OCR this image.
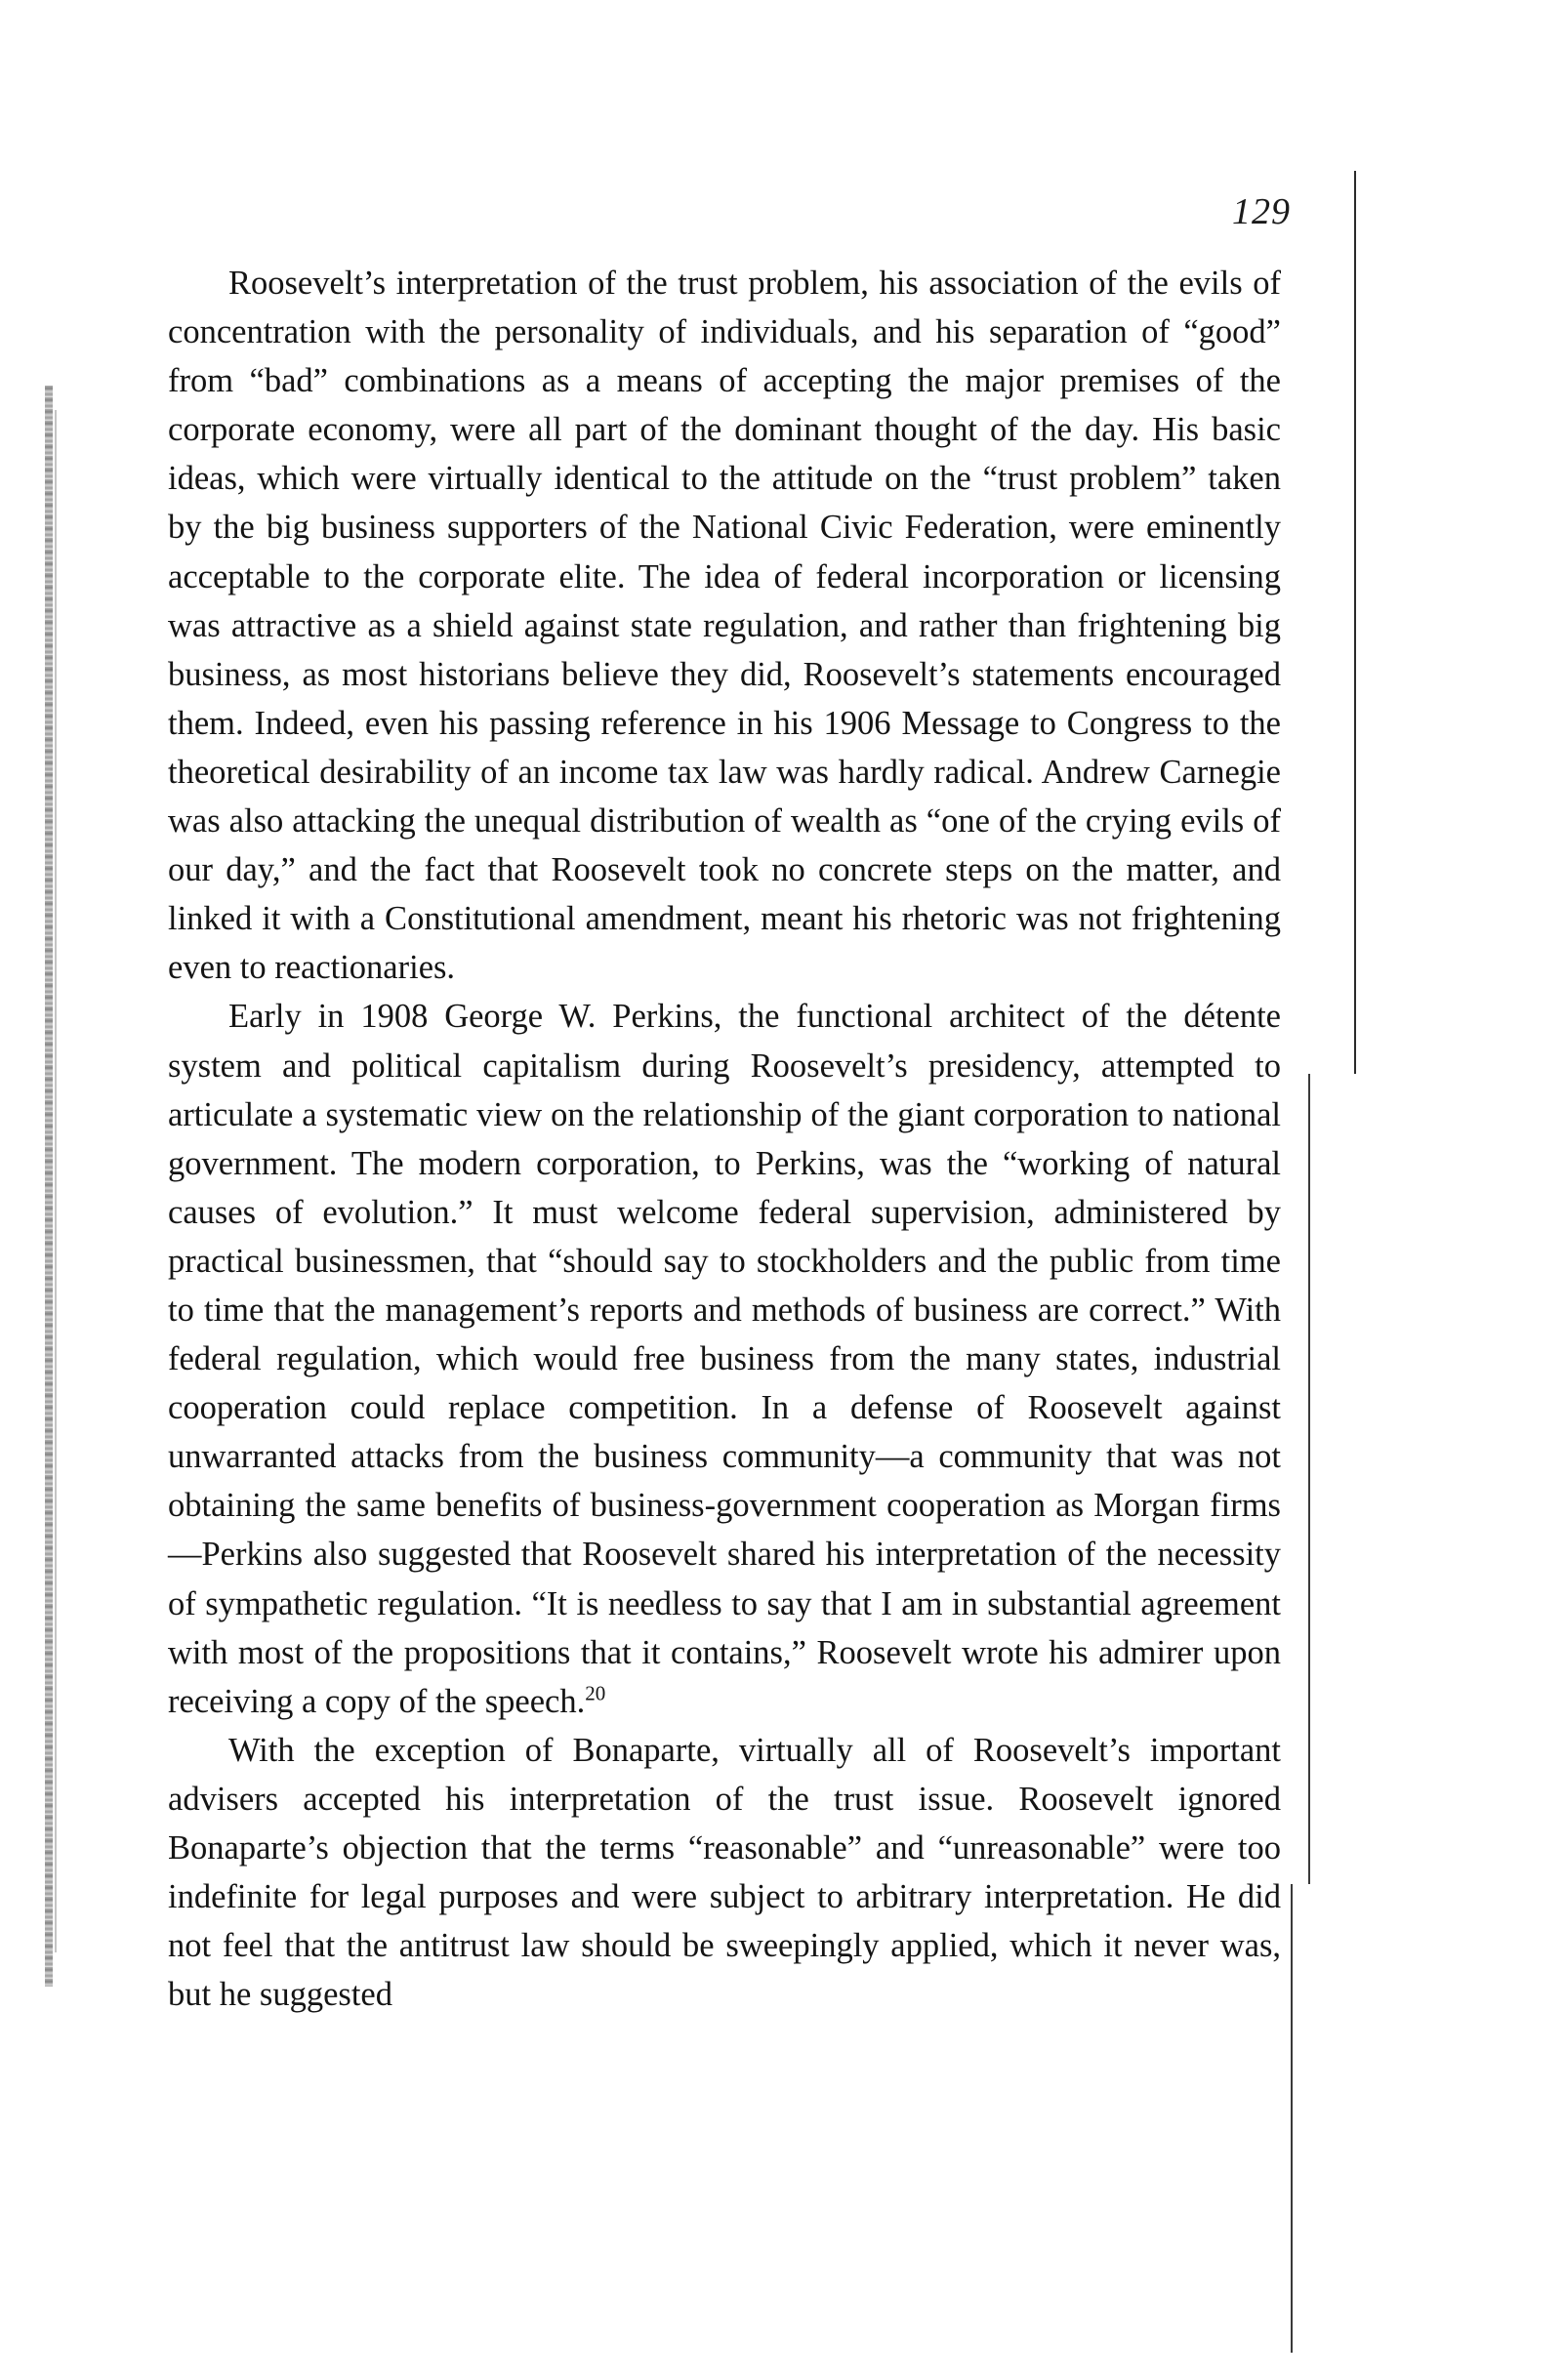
129

Roosevelt’s interpretation of the trust problem, his association of the evils of concentration with the personality of individuals, and his separation of “good” from “bad” combinations as a means of accepting the major premises of the corporate economy, were all part of the dominant thought of the day. His basic ideas, which were virtually identical to the attitude on the “trust problem” taken by the big business supporters of the National Civic Federation, were eminently acceptable to the corporate elite. The idea of federal incorporation or licensing was attractive as a shield against state regulation, and rather than frightening big business, as most historians believe they did, Roosevelt’s statements encouraged them. Indeed, even his passing reference in his 1906 Message to Congress to the theoretical desirability of an income tax law was hardly radical. Andrew Carnegie was also attacking the unequal distribution of wealth as “one of the crying evils of our day,” and the fact that Roosevelt took no concrete steps on the matter, and linked it with a Constitutional amendment, meant his rhetoric was not frightening even to reactionaries.

Early in 1908 George W. Perkins, the functional architect of the détente system and political capitalism during Roosevelt’s presidency, attempted to articulate a systematic view on the relationship of the giant corporation to national government. The modern corporation, to Perkins, was the “working of natural causes of evolution.” It must welcome federal supervision, administered by practical businessmen, that “should say to stockholders and the public from time to time that the management’s reports and methods of business are correct.” With federal regulation, which would free business from the many states, industrial cooperation could replace competition. In a defense of Roosevelt against unwarranted attacks from the business community—a community that was not obtaining the same benefits of business-government cooperation as Morgan firms—Perkins also suggested that Roosevelt shared his interpretation of the necessity of sympathetic regulation. “It is needless to say that I am in substantial agreement with most of the propositions that it contains,” Roosevelt wrote his admirer upon receiving a copy of the speech.$^{20}$

With the exception of Bonaparte, virtually all of Roosevelt’s important advisers accepted his interpretation of the trust issue. Roosevelt ignored Bonaparte’s objection that the terms “reasonable” and “unreasonable” were too indefinite for legal purposes and were subject to arbitrary interpretation. He did not feel that the antitrust law should be sweepingly applied, which it never was, but he suggested
